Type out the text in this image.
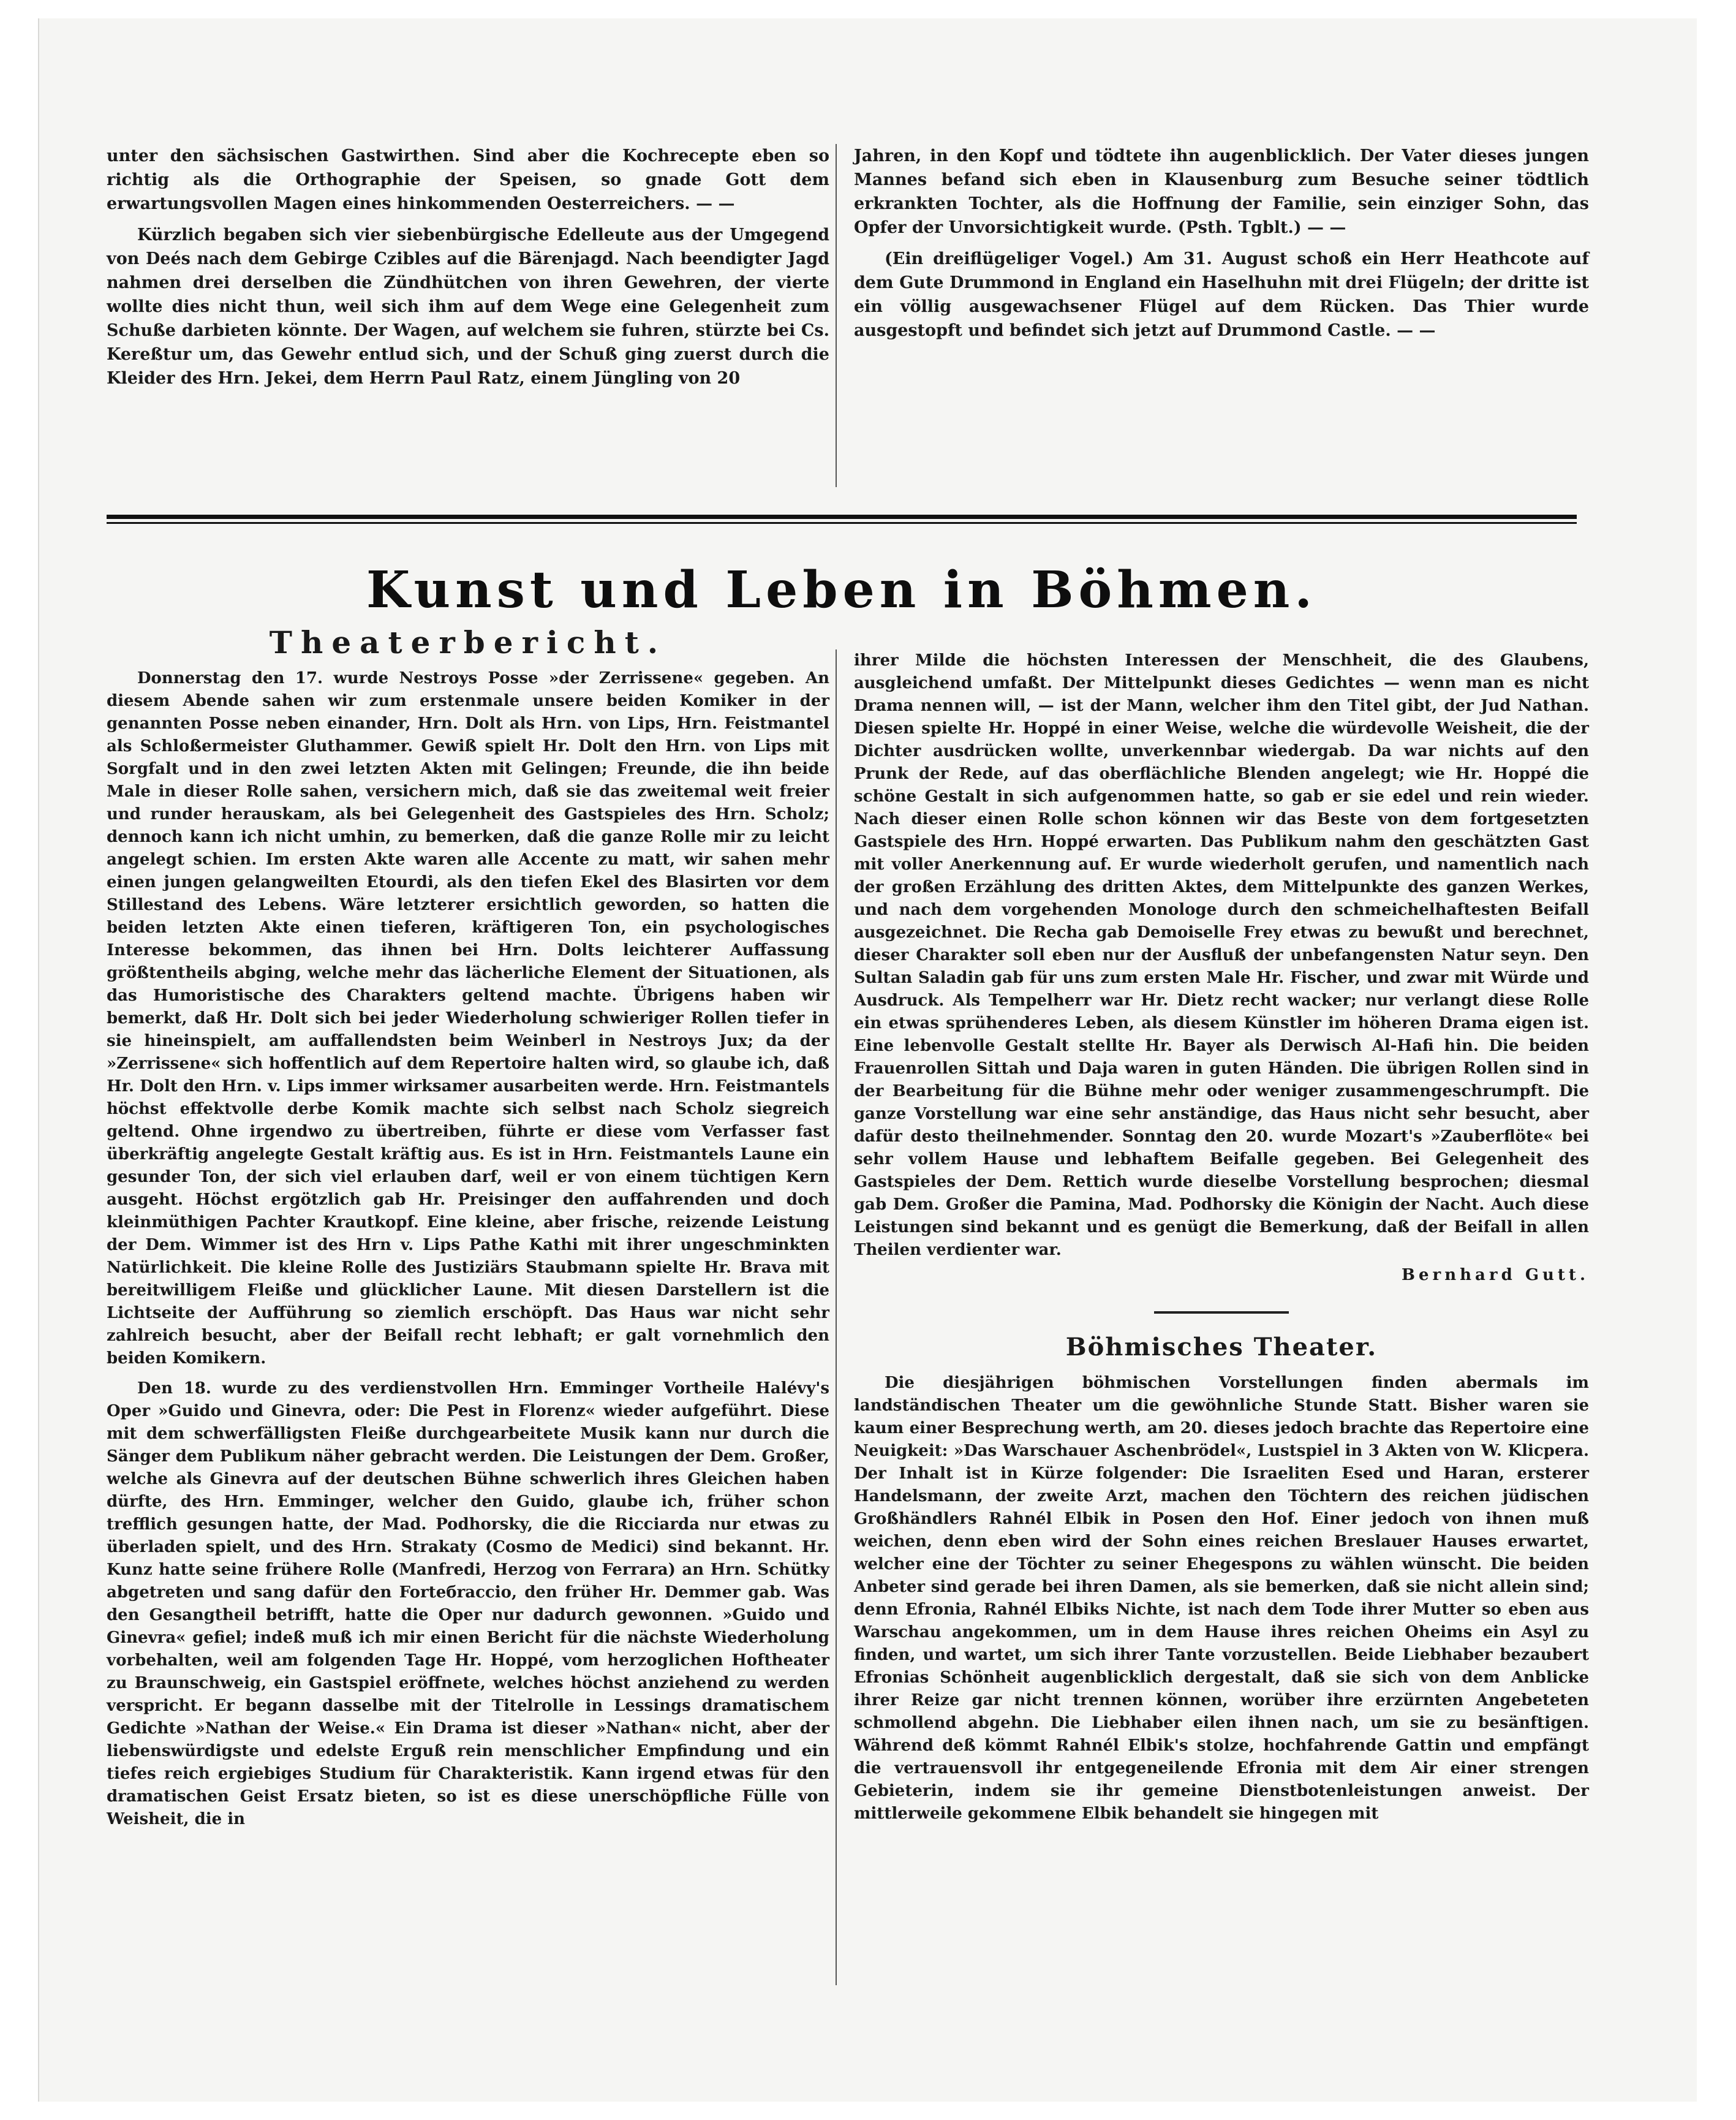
unter den sächsischen Gastwirthen. Sind aber die Kochrecepte eben so richtig als die Orthographie der Speisen, so gnade Gott dem erwartungsvollen Magen eines hinkommenden Oesterreichers. — —

Kürzlich begaben sich vier siebenbürgische Edelleute aus der Umgegend von Deés nach dem Gebirge Czibles auf die Bärenjagd. Nach beendigter Jagd nahmen drei derselben die Zündhütchen von ihren Gewehren, der vierte wollte dies nicht thun, weil sich ihm auf dem Wege eine Gelegenheit zum Schuße darbieten könnte. Der Wagen, auf welchem sie fuhren, stürzte bei Cs. Kereßtur um, das Gewehr entlud sich, und der Schuß ging zuerst durch die Kleider des Hrn. Jekei, dem Herrn Paul Ratz, einem Jüngling von 20

Jahren, in den Kopf und tödtete ihn augenblicklich. Der Vater dieses jungen Mannes befand sich eben in Klausenburg zum Besuche seiner tödtlich erkrankten Tochter, als die Hoffnung der Familie, sein einziger Sohn, das Opfer der Unvorsichtigkeit wurde. (Psth. Tgblt.) — —

(Ein dreiflügeliger Vogel.) Am 31. August schoß ein Herr Heathcote auf dem Gute Drummond in England ein Haselhuhn mit drei Flügeln; der dritte ist ein völlig ausgewachsener Flügel auf dem Rücken. Das Thier wurde ausgestopft und befindet sich jetzt auf Drummond Castle. — —

Kunst und Leben in Böhmen.
Theaterbericht.

Donnerstag den 17. wurde Nestroys Posse »der Zerrissene« gegeben. An diesem Abende sahen wir zum erstenmale unsere beiden Komiker in der genannten Posse neben einander, Hrn. Dolt als Hrn. von Lips, Hrn. Feistmantel als Schloßermeister Gluthammer. Gewiß spielt Hr. Dolt den Hrn. von Lips mit Sorgfalt und in den zwei letzten Akten mit Gelingen; Freunde, die ihn beide Male in dieser Rolle sahen, versichern mich, daß sie das zweitemal weit freier und runder herauskam, als bei Gelegenheit des Gastspieles des Hrn. Scholz; dennoch kann ich nicht umhin, zu bemerken, daß die ganze Rolle mir zu leicht angelegt schien. Im ersten Akte waren alle Accente zu matt, wir sahen mehr einen jungen gelangweilten Etourdi, als den tiefen Ekel des Blasirten vor dem Stillestand des Lebens. Wäre letzterer ersichtlich geworden, so hatten die beiden letzten Akte einen tieferen, kräftigeren Ton, ein psychologisches Interesse bekommen, das ihnen bei Hrn. Dolts leichterer Auffassung größtentheils abging, welche mehr das lächerliche Element der Situationen, als das Humoristische des Charakters geltend machte. Übrigens haben wir bemerkt, daß Hr. Dolt sich bei jeder Wiederholung schwieriger Rollen tiefer in sie hineinspielt, am auffallendsten beim Weinberl in Nestroys Jux; da der »Zerrissene« sich hoffentlich auf dem Repertoire halten wird, so glaube ich, daß Hr. Dolt den Hrn. v. Lips immer wirksamer ausarbeiten werde. Hrn. Feistmantels höchst effektvolle derbe Komik machte sich selbst nach Scholz siegreich geltend. Ohne irgendwo zu übertreiben, führte er diese vom Verfasser fast überkräftig angelegte Gestalt kräftig aus. Es ist in Hrn. Feistmantels Laune ein gesunder Ton, der sich viel erlauben darf, weil er von einem tüchtigen Kern ausgeht. Höchst ergötzlich gab Hr. Preisinger den auffahrenden und doch kleinmüthigen Pachter Krautkopf. Eine kleine, aber frische, reizende Leistung der Dem. Wimmer ist des Hrn v. Lips Pathe Kathi mit ihrer ungeschminkten Natürlichkeit. Die kleine Rolle des Justiziärs Staubmann spielte Hr. Brava mit bereitwilligem Fleiße und glücklicher Laune. Mit diesen Darstellern ist die Lichtseite der Aufführung so ziemlich erschöpft. Das Haus war nicht sehr zahlreich besucht, aber der Beifall recht lebhaft; er galt vornehmlich den beiden Komikern.

Den 18. wurde zu des verdienstvollen Hrn. Emminger Vortheile Halévy's Oper »Guido und Ginevra, oder: Die Pest in Florenz« wieder aufgeführt. Diese mit dem schwerfälligsten Fleiße durchgearbeitete Musik kann nur durch die Sänger dem Publikum näher gebracht werden. Die Leistungen der Dem. Großer, welche als Ginevra auf der deutschen Bühne schwerlich ihres Gleichen haben dürfte, des Hrn. Emminger, welcher den Guido, glaube ich, früher schon trefflich gesungen hatte, der Mad. Podhorsky, die die Ricciarda nur etwas zu überladen spielt, und des Hrn. Strakaty (Cosmo de Medici) sind bekannt. Hr. Kunz hatte seine frühere Rolle (Manfredi, Herzog von Ferrara) an Hrn. Schütky abgetreten und sang dafür den Forteбraccio, den früher Hr. Demmer gab. Was den Gesangtheil betrifft, hatte die Oper nur dadurch gewonnen. »Guido und Ginevra« gefiel; indeß muß ich mir einen Bericht für die nächste Wiederholung vorbehalten, weil am folgenden Tage Hr. Hoppé, vom herzoglichen Hoftheater zu Braunschweig, ein Gastspiel eröffnete, welches höchst anziehend zu werden verspricht. Er begann dasselbe mit der Titelrolle in Lessings dramatischem Gedichte »Nathan der Weise.« Ein Drama ist dieser »Nathan« nicht, aber der liebenswürdigste und edelste Erguß rein menschlicher Empfindung und ein tiefes reich ergiebiges Studium für Charakteristik. Kann irgend etwas für den dramatischen Geist Ersatz bieten, so ist es diese unerschöpfliche Fülle von Weisheit, die in

ihrer Milde die höchsten Interessen der Menschheit, die des Glaubens, ausgleichend umfaßt. Der Mittelpunkt dieses Gedichtes — wenn man es nicht Drama nennen will, — ist der Mann, welcher ihm den Titel gibt, der Jud Nathan. Diesen spielte Hr. Hoppé in einer Weise, welche die würdevolle Weisheit, die der Dichter ausdrücken wollte, unverkennbar wiedergab. Da war nichts auf den Prunk der Rede, auf das oberflächliche Blenden angelegt; wie Hr. Hoppé die schöne Gestalt in sich aufgenommen hatte, so gab er sie edel und rein wieder. Nach dieser einen Rolle schon können wir das Beste von dem fortgesetzten Gastspiele des Hrn. Hoppé erwarten. Das Publikum nahm den geschätzten Gast mit voller Anerkennung auf. Er wurde wiederholt gerufen, und namentlich nach der großen Erzählung des dritten Aktes, dem Mittelpunkte des ganzen Werkes, und nach dem vorgehenden Monologe durch den schmeichelhaftesten Beifall ausgezeichnet. Die Recha gab Demoiselle Frey etwas zu bewußt und berechnet, dieser Charakter soll eben nur der Ausfluß der unbefangensten Natur seyn. Den Sultan Saladin gab für uns zum ersten Male Hr. Fischer, und zwar mit Würde und Ausdruck. Als Tempelherr war Hr. Dietz recht wacker; nur verlangt diese Rolle ein etwas sprühenderes Leben, als diesem Künstler im höheren Drama eigen ist. Eine lebenvolle Gestalt stellte Hr. Bayer als Derwisch Al-Hafi hin. Die beiden Frauenrollen Sittah und Daja waren in guten Händen. Die übrigen Rollen sind in der Bearbeitung für die Bühne mehr oder weniger zusammengeschrumpft. Die ganze Vorstellung war eine sehr anständige, das Haus nicht sehr besucht, aber dafür desto theilnehmender. Sonntag den 20. wurde Mozart's »Zauberflöte« bei sehr vollem Hause und lebhaftem Beifalle gegeben. Bei Gelegenheit des Gastspieles der Dem. Rettich wurde dieselbe Vorstellung besprochen; diesmal gab Dem. Großer die Pamina, Mad. Podhorsky die Königin der Nacht. Auch diese Leistungen sind bekannt und es genügt die Bemerkung, daß der Beifall in allen Theilen verdienter war.

Bernhard Gutt.

Böhmisches Theater.

Die diesjährigen böhmischen Vorstellungen finden abermals im landständischen Theater um die gewöhnliche Stunde Statt. Bisher waren sie kaum einer Besprechung werth, am 20. dieses jedoch brachte das Repertoire eine Neuigkeit: »Das Warschauer Aschenbrödel«, Lustspiel in 3 Akten von W. Klicpera. Der Inhalt ist in Kürze folgender: Die Israeliten Esed und Haran, ersterer Handelsmann, der zweite Arzt, machen den Töchtern des reichen jüdischen Großhändlers Rahnél Elbik in Posen den Hof. Einer jedoch von ihnen muß weichen, denn eben wird der Sohn eines reichen Breslauer Hauses erwartet, welcher eine der Töchter zu seiner Ehegespons zu wählen wünscht. Die beiden Anbeter sind gerade bei ihren Damen, als sie bemerken, daß sie nicht allein sind; denn Efronia, Rahnél Elbiks Nichte, ist nach dem Tode ihrer Mutter so eben aus Warschau angekommen, um in dem Hause ihres reichen Oheims ein Asyl zu finden, und wartet, um sich ihrer Tante vorzustellen. Beide Liebhaber bezaubert Efronias Schönheit augenblicklich dergestalt, daß sie sich von dem Anblicke ihrer Reize gar nicht trennen können, worüber ihre erzürnten Angebeteten schmollend abgehn. Die Liebhaber eilen ihnen nach, um sie zu besänftigen. Während deß kömmt Rahnél Elbik's stolze, hochfahrende Gattin und empfängt die vertrauensvoll ihr entgegeneilende Efronia mit dem Air einer strengen Gebieterin, indem sie ihr gemeine Dienstbotenleistungen anweist. Der mittlerweile gekommene Elbik behandelt sie hingegen mit
